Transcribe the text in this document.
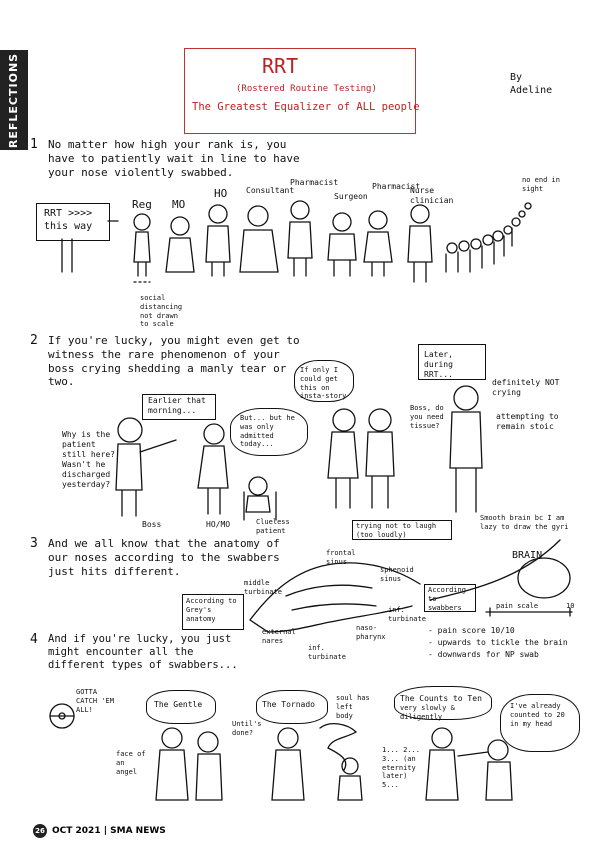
REFLECTIONS	RRT
(Rostered Routine Testing)
The Greatest Equalizer of ALL people
By Adeline
1 No matter how high your rank is, you have to patiently wait in line to have your nose violently swabbed.
RRT >>>> this way
Reg MO
HO Consultant
Pharmacist
Surgeon
Pharmacist
Nurse clinician
social distancing not drawn to scale
no end in sight
2 If you're lucky, you might even get to witness the rare phenomenon of your boss crying shedding a manly tear or two.
Earlier that morning...
Why is the patient still here? Wasn't he discharged yesterday?
But... but he was only admitted today...
Later, during RRT...
If only I could get this on insta-story
Boss, do you need tissue?
definitely NOT crying
attempting to remain stoic
trying not to laugh (too loudly)
Boss	HO/MO	Clueless patient
3 And we all know that the anatomy of our noses according to the swabbers just hits different.
Smooth brain bc I am lazy to draw the gyri
BRAIN
frontal sinus
sphenoid sinus
middle turbinate	According to swabbers	pain scale	10
inf. turbinate
naso-pharynx
external nares
inf. turbinate
According to Grey's anatomy
4 And if you're lucky, you just might encounter all the different types of swabbers...
- pain score 10/10
- upwards to tickle the brain
- downwards for NP swab
GOTTA CATCH 'EM ALL!
The Gentle
Until's done?
face of an angel
The Tornado
soul has left body
The Counts to Ten
very slowly & diligently
1... 2... 3... (an eternity later) 5...
I've already counted to 20 in my head
26 OCT 2021 | SMA NEWS
